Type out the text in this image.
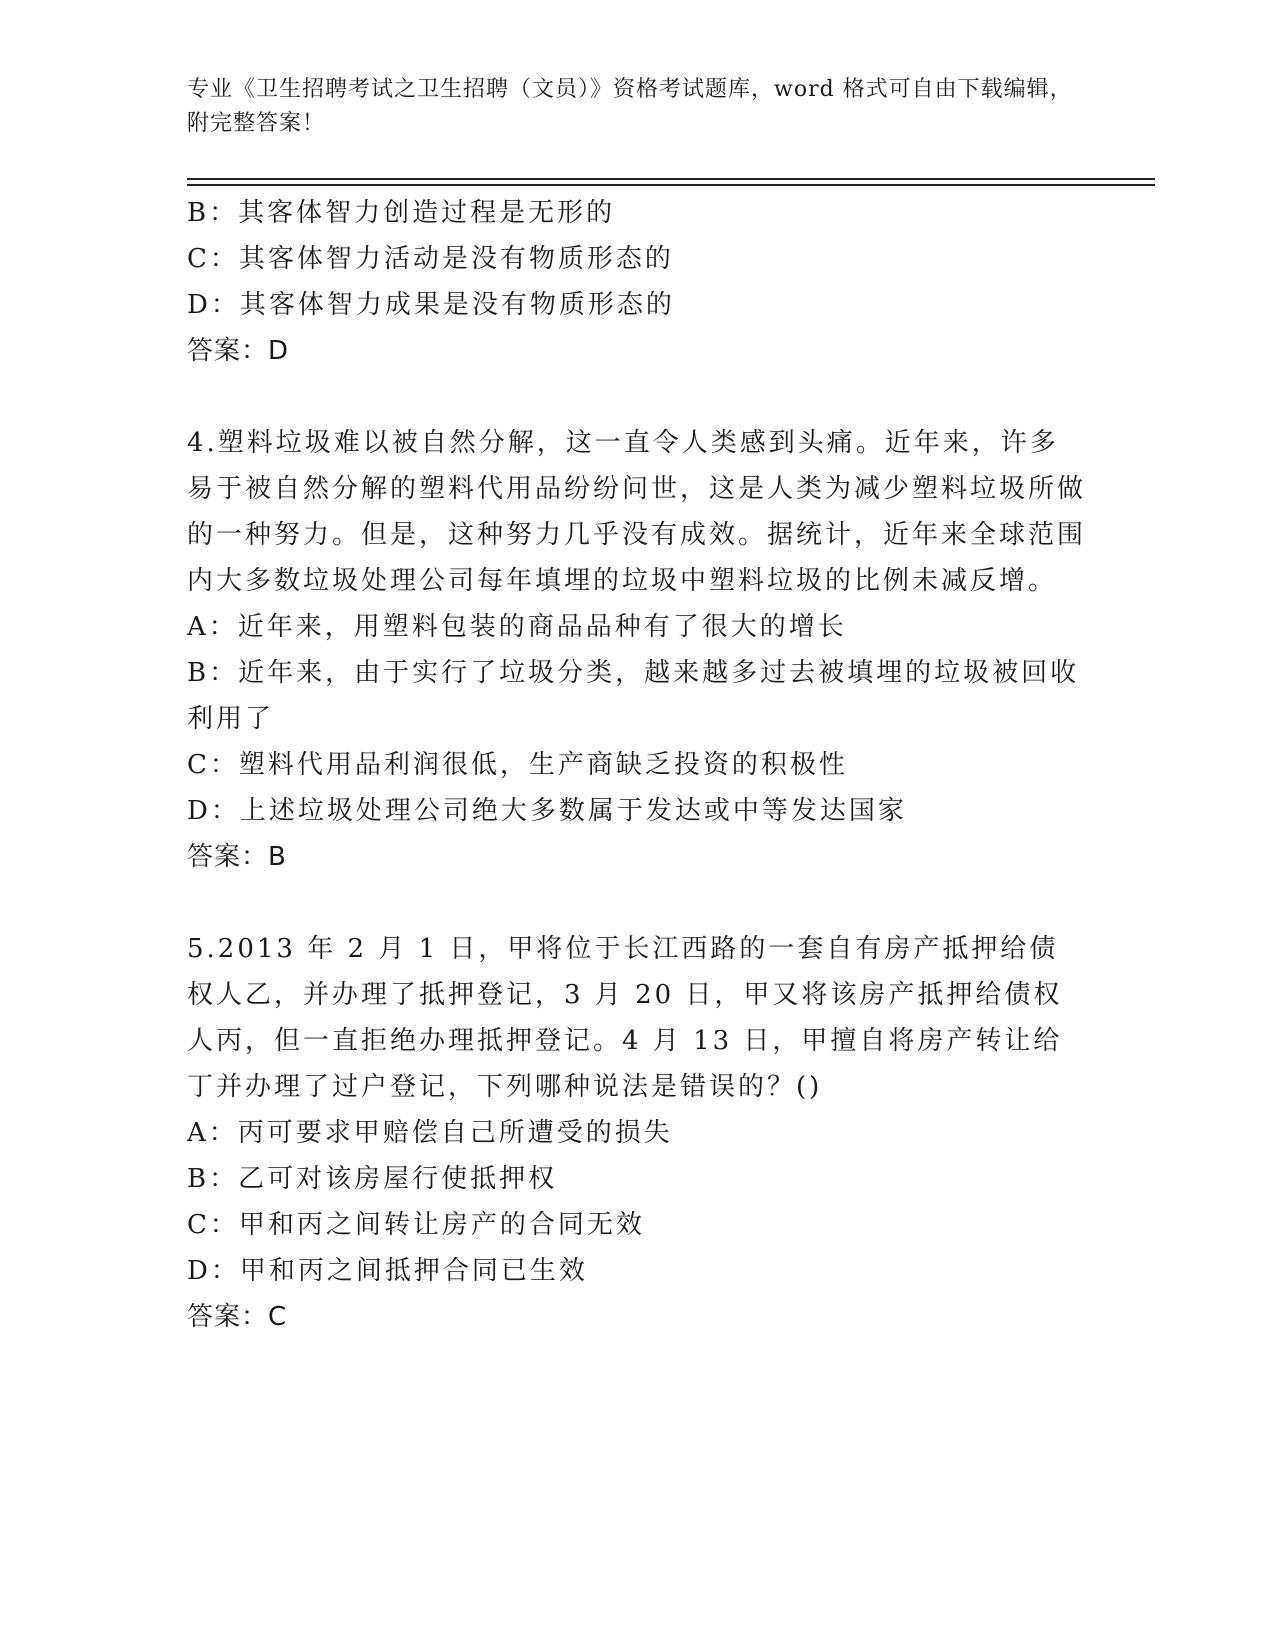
专业《卫生招聘考试之卫生招聘（文员）》资格考试题库，word 格式可自由下载编辑，附完整答案！

B：其客体智力创造过程是无形的

C：其客体智力活动是没有物质形态的

D：其客体智力成果是没有物质形态的

答案：D

4.塑料垃圾难以被自然分解，这一直令人类感到头痛。近年来，许多易于被自然分解的塑料代用品纷纷问世，这是人类为减少塑料垃圾所做的一种努力。但是，这种努力几乎没有成效。据统计，近年来全球范围内大多数垃圾处理公司每年填埋的垃圾中塑料垃圾的比例未减反增。

A：近年来，用塑料包装的商品品种有了很大的增长

B：近年来，由于实行了垃圾分类，越来越多过去被填埋的垃圾被回收利用了

C：塑料代用品利润很低，生产商缺乏投资的积极性

D：上述垃圾处理公司绝大多数属于发达或中等发达国家

答案：B

5.2013 年 2 月 1 日，甲将位于长江西路的一套自有房产抵押给债权人乙，并办理了抵押登记，3 月 20 日，甲又将该房产抵押给债权人丙，但一直拒绝办理抵押登记。4 月 13 日，甲擅自将房产转让给丁并办理了过户登记，下列哪种说法是错误的？()

A：丙可要求甲赔偿自己所遭受的损失

B：乙可对该房屋行使抵押权

C：甲和丙之间转让房产的合同无效

D：甲和丙之间抵押合同已生效

答案：C
